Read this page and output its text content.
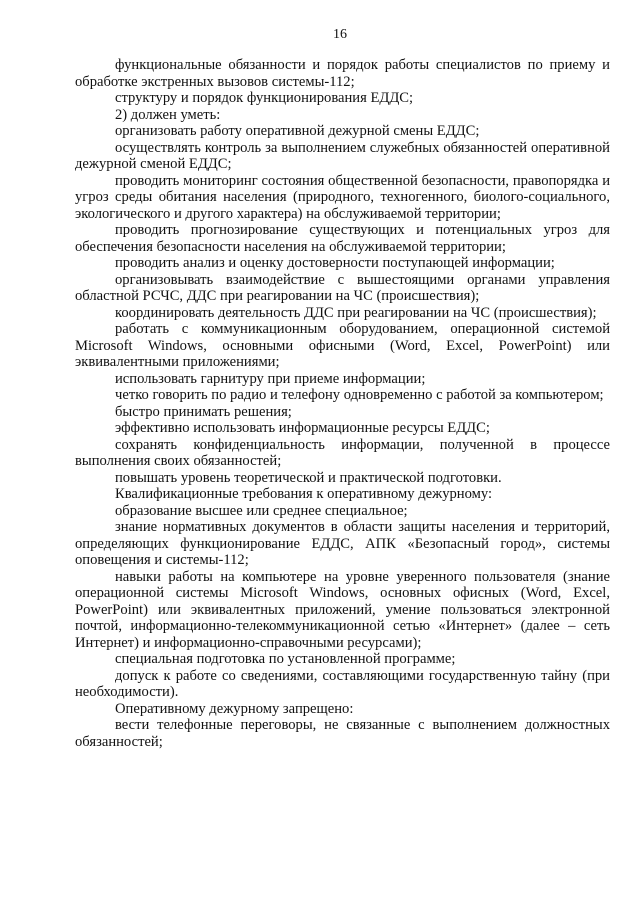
16

функциональные обязанности и порядок работы специалистов по приему и обработке экстренных вызовов системы-112;

структуру и порядок функционирования ЕДДС;

2) должен уметь:

организовать работу оперативной дежурной смены ЕДДС;

осуществлять контроль за выполнением служебных обязанностей оперативной дежурной сменой ЕДДС;

проводить мониторинг состояния общественной безопасности, правопорядка и угроз среды обитания населения (природного, техногенного, биолого-социального, экологического и другого характера) на обслуживаемой территории;

проводить прогнозирование существующих и потенциальных угроз для обеспечения безопасности населения на обслуживаемой территории;

проводить анализ и оценку достоверности поступающей информации;

организовывать взаимодействие с вышестоящими органами управления областной РСЧС, ДДС при реагировании на ЧС (происшествия);

координировать деятельность ДДС при реагировании на ЧС (происшествия);

работать с коммуникационным оборудованием, операционной системой Microsoft Windows, основными офисными (Word, Excel, PowerPoint) или эквивалентными приложениями;

использовать гарнитуру при приеме информации;

четко говорить по радио и телефону одновременно с работой за компьютером;

быстро принимать решения;

эффективно использовать информационные ресурсы ЕДДС;

сохранять конфиденциальность информации, полученной в процессе выполнения своих обязанностей;

повышать уровень теоретической и практической подготовки.

Квалификационные требования к оперативному дежурному:

образование высшее или среднее специальное;

знание нормативных документов в области защиты населения и территорий, определяющих функционирование ЕДДС, АПК «Безопасный город», системы оповещения и системы-112;

навыки работы на компьютере на уровне уверенного пользователя (знание операционной системы Microsoft Windows, основных офисных (Word, Excel, PowerPoint) или эквивалентных приложений, умение пользоваться электронной почтой, информационно-телекоммуникационной сетью «Интернет» (далее – сеть Интернет) и информационно-справочными ресурсами);

специальная подготовка по установленной программе;

допуск к работе со сведениями, составляющими государственную тайну (при необходимости).

Оперативному дежурному запрещено:

вести телефонные переговоры, не связанные с выполнением должностных обязанностей;
